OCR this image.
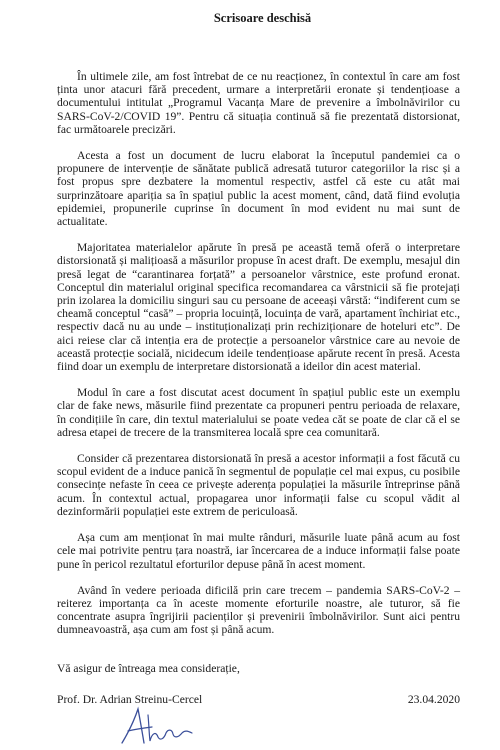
Scrisoare deschisă

În ultimele zile, am fost întrebat de ce nu reacționez, în contextul în care am fost ținta unor atacuri fără precedent, urmare a interpretării eronate și tendențioase a documentului intitulat „Programul Vacanța Mare de prevenire a îmbolnăvirilor cu SARS-CoV-2/COVID 19”. Pentru că situația continuă să fie prezentată distorsionat, fac următoarele precizări.

Acesta a fost un document de lucru elaborat la începutul pandemiei ca o propunere de intervenție de sănătate publică adresată tuturor categoriilor la risc și a fost propus spre dezbatere la momentul respectiv, astfel că este cu atât mai surprinzătoare apariția sa în spațiul public la acest moment, când, dată fiind evoluția epidemiei, propunerile cuprinse în document în mod evident nu mai sunt de actualitate.

Majoritatea materialelor apărute în presă pe această temă oferă o interpretare distorsionată și malițioasă a măsurilor propuse în acest draft. De exemplu, mesajul din presă legat de “carantinarea forțată” a persoanelor vârstnice, este profund eronat. Conceptul din materialul original specifica recomandarea ca vârstnicii să fie protejați prin izolarea la domiciliu singuri sau cu persoane de aceeași vârstă: “indiferent cum se cheamă conceptul “casă” – propria locuință, locuința de vară, apartament închiriat etc., respectiv dacă nu au unde – instituționalizați prin rechiziționare de hoteluri etc”. De aici reiese clar că intenția era de protecție a persoanelor vârstnice care au nevoie de această protecție socială, nicidecum ideile tendențioase apărute recent în presă. Acesta fiind doar un exemplu de interpretare distorsionată a ideilor din acest material.

Modul în care a fost discutat acest document în spațiul public este un exemplu clar de fake news, măsurile fiind prezentate ca propuneri pentru perioada de relaxare, în condițiile în care, din textul materialului se poate vedea căt se poate de clar că el se adresa etapei de trecere de la transmiterea locală spre cea comunitară.

Consider că prezentarea distorsionată în presă a acestor informații a fost făcută cu scopul evident de a induce panică în segmentul de populație cel mai expus, cu posibile consecințe nefaste în ceea ce privește aderența populației la măsurile întreprinse până acum. În contextul actual, propagarea unor informații false cu scopul vădit al dezinformării populației este extrem de periculoasă.

Așa cum am menționat în mai multe rânduri, măsurile luate până acum au fost cele mai potrivite pentru țara noastră, iar încercarea de a induce informații false poate pune în pericol rezultatul eforturilor depuse până în acest moment.

Având în vedere perioada dificilă prin care trecem – pandemia SARS-CoV-2 – reiterez importanța ca în aceste momente eforturile noastre, ale tuturor, să fie concentrate asupra îngrijirii pacienților și prevenirii îmbolnăvirilor. Sunt aici pentru dumneavoastră, așa cum am fost și până acum.

Vă asigur de întreaga mea considerație,
Prof. Dr. Adrian Streinu-Cercel	23.04.2020
